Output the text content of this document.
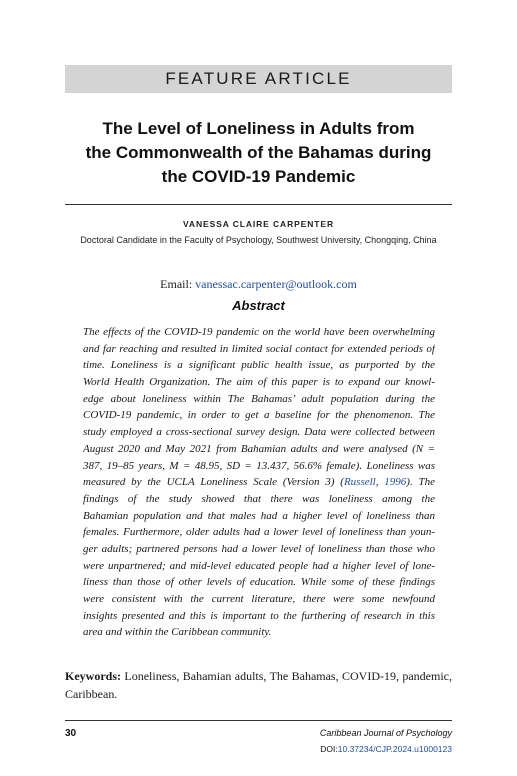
FEATURE ARTICLE
The Level of Loneliness in Adults from
the Commonwealth of the Bahamas during
the COVID-19 Pandemic
VANESSA CLAIRE CARPENTER
Doctoral Candidate in the Faculty of Psychology, Southwest University, Chongqing, China
Email: vanessac.carpenter@outlook.com
Abstract
The effects of the COVID-19 pandemic on the world have been overwhelming
and far reaching and resulted in limited social contact for extended periods of
time. Loneliness is a significant public health issue, as purported by the
World Health Organization. The aim of this paper is to expand our knowl-
edge about loneliness within The Bahamas’ adult population during the
COVID-19 pandemic, in order to get a baseline for the phenomenon. The
study employed a cross-sectional survey design. Data were collected between
August 2020 and May 2021 from Bahamian adults and were analysed (N =
387, 19–85 years, M = 48.95, SD = 13.437, 56.6% female). Loneliness was
measured by the UCLA Loneliness Scale (Version 3) (Russell, 1996). The
findings of the study showed that there was loneliness among the
Bahamian population and that males had a higher level of loneliness than
females. Furthermore, older adults had a lower level of loneliness than youn-
ger adults; partnered persons had a lower level of loneliness than those who
were unpartnered; and mid-level educated people had a higher level of lone-
liness than those of other levels of education. While some of these findings
were consistent with the current literature, there were some newfound
insights presented and this is important to the furthering of research in this
area and within the Caribbean community.
Keywords: Loneliness, Bahamian adults, The Bahamas, COVID-19, pandemic,
Caribbean.
30	Caribbean Journal of Psychology
DOI:10.37234/CJP.2024.u1000123
